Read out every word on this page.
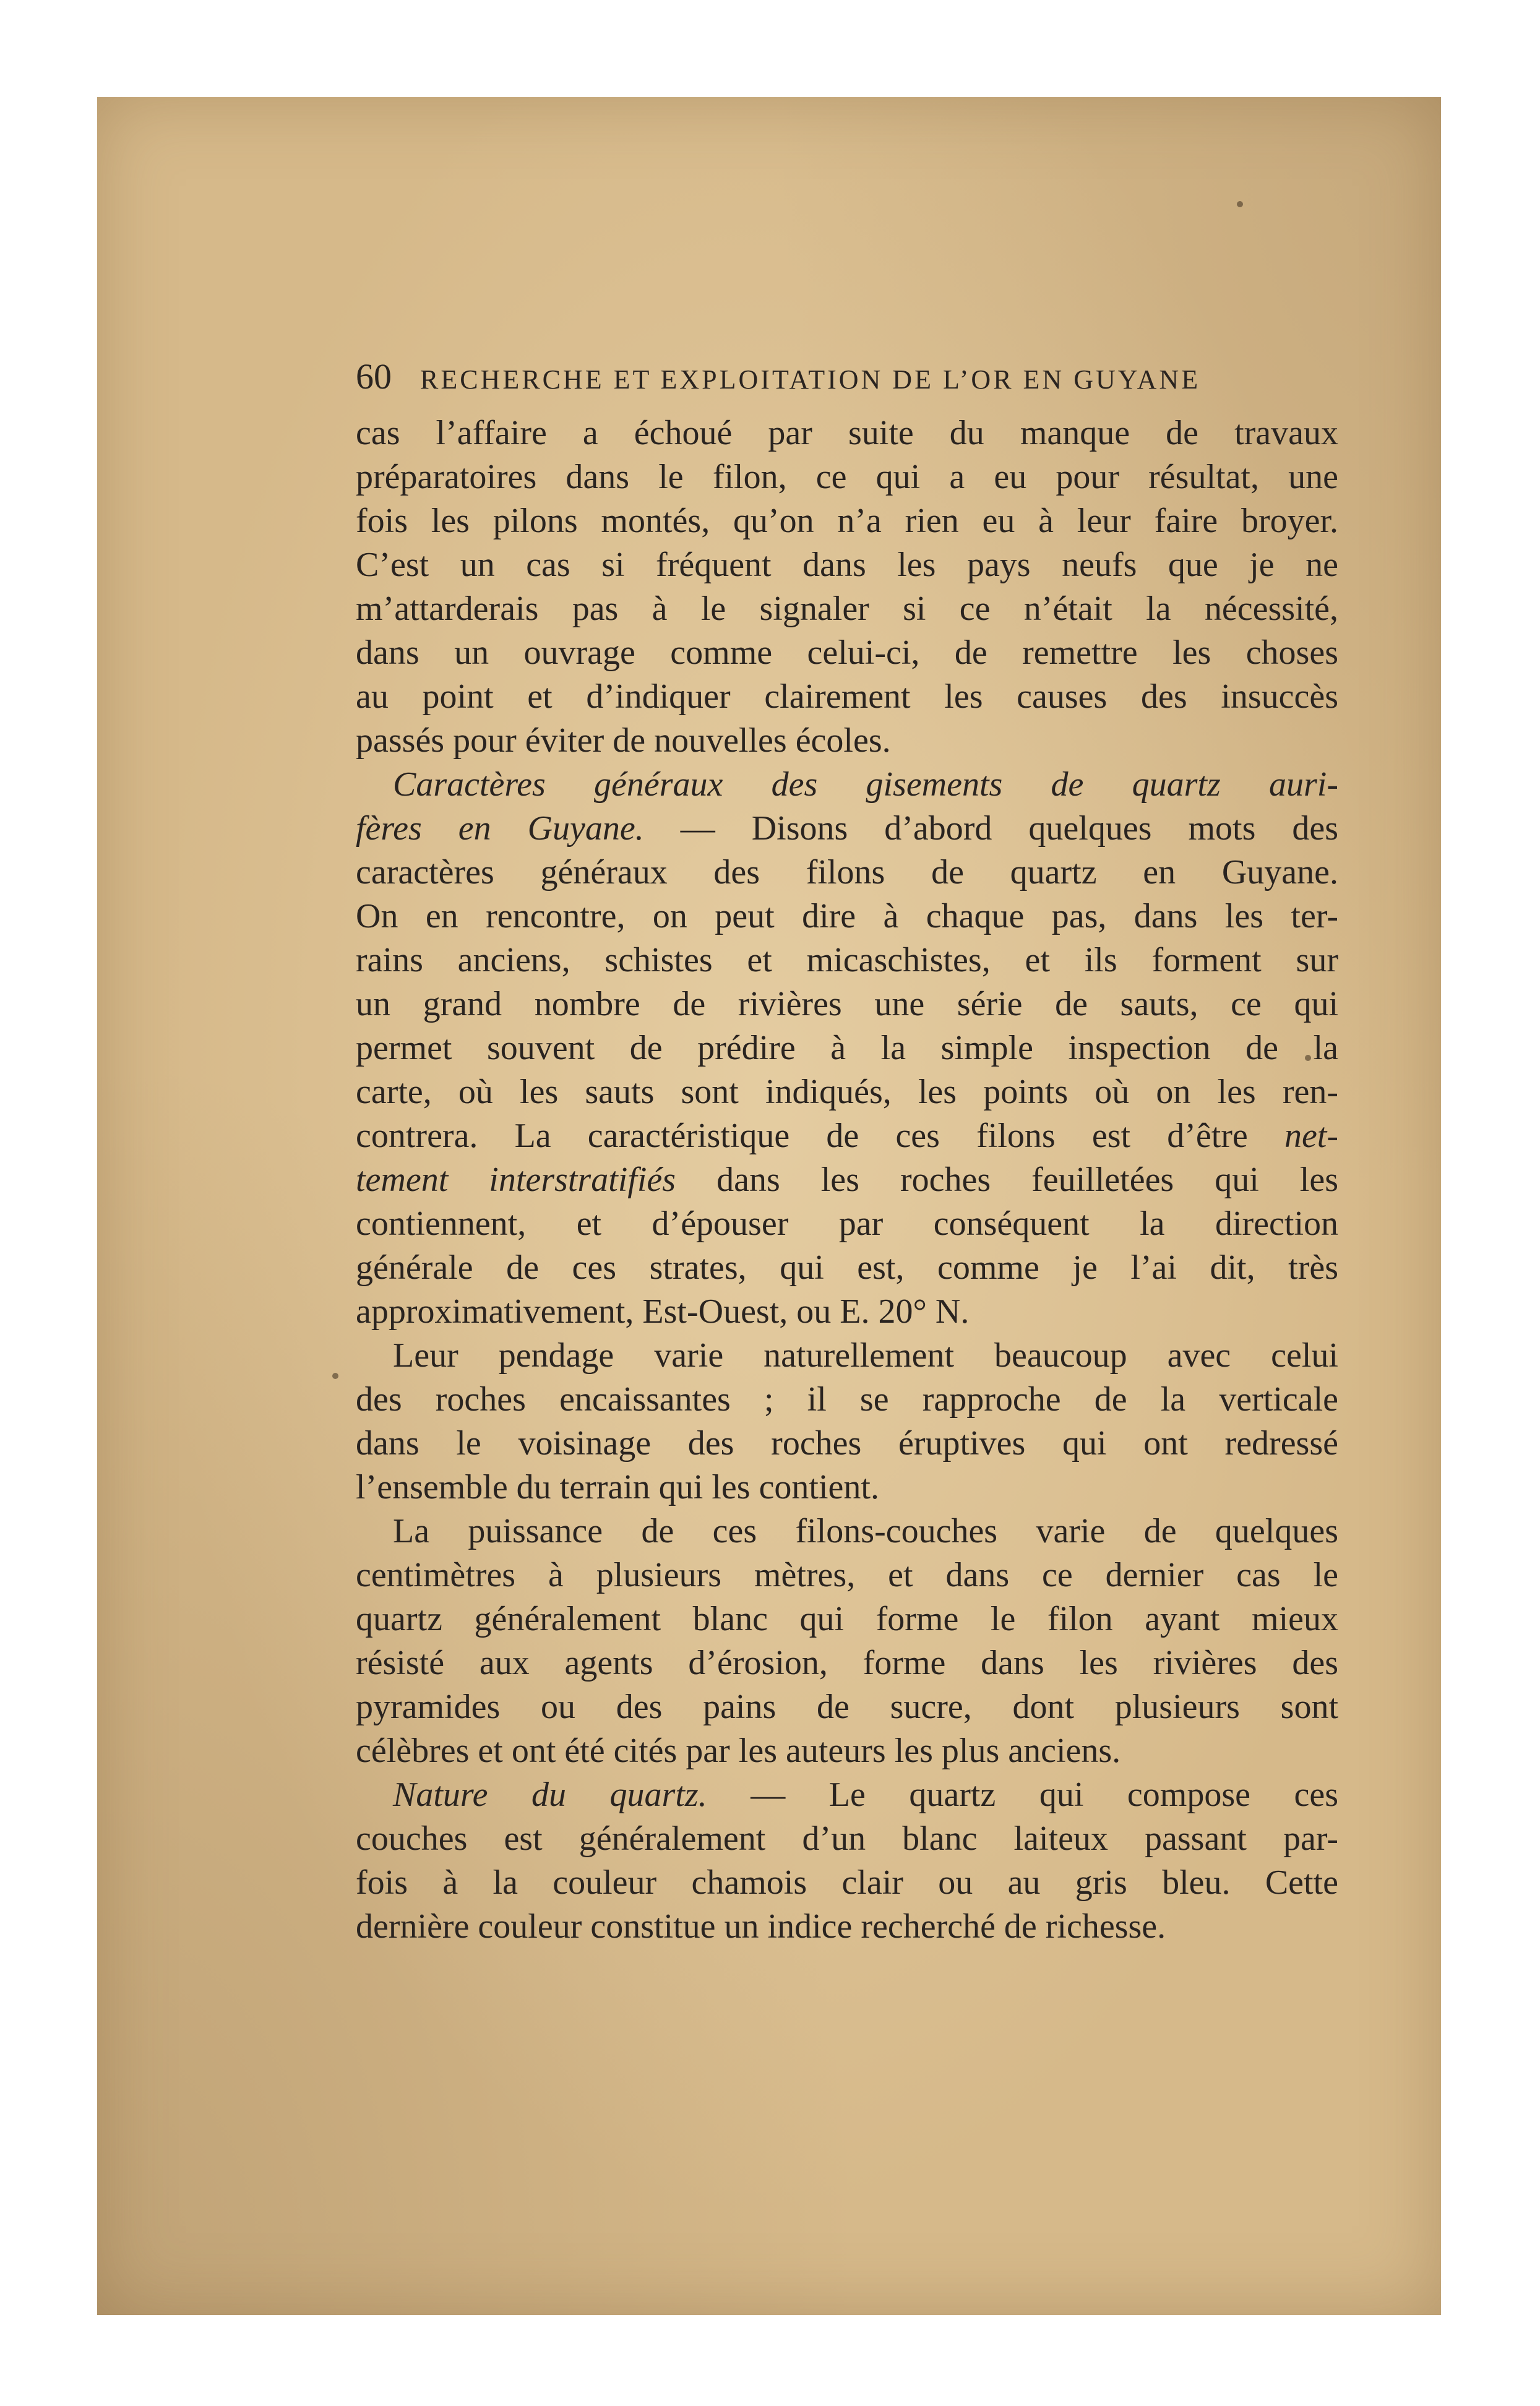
60 RECHERCHE ET EXPLOITATION DE L’OR EN GUYANE
cas l’affaire a échoué par suite du manque de travaux
préparatoires dans le filon, ce qui a eu pour résultat, une
fois les pilons montés, qu’on n’a rien eu à leur faire broyer.
C’est un cas si fréquent dans les pays neufs que je ne
m’attarderais pas à le signaler si ce n’était la nécessité,
dans un ouvrage comme celui-ci, de remettre les choses
au point et d’indiquer clairement les causes des insuccès
passés pour éviter de nouvelles écoles.
Caractères généraux des gisements de quartz auri-
fères en Guyane. — Disons d’abord quelques mots des
caractères généraux des filons de quartz en Guyane.
On en rencontre, on peut dire à chaque pas, dans les ter-
rains anciens, schistes et micaschistes, et ils forment sur
un grand nombre de rivières une série de sauts, ce qui
permet souvent de prédire à la simple inspection de la
carte, où les sauts sont indiqués, les points où on les ren-
contrera. La caractéristique de ces filons est d’être net-
tement interstratifiés dans les roches feuilletées qui les
contiennent, et d’épouser par conséquent la direction
générale de ces strates, qui est, comme je l’ai dit, très
approximativement, Est-Ouest, ou E. 20° N.
Leur pendage varie naturellement beaucoup avec celui
des roches encaissantes ; il se rapproche de la verticale
dans le voisinage des roches éruptives qui ont redressé
l’ensemble du terrain qui les contient.
La puissance de ces filons-couches varie de quelques
centimètres à plusieurs mètres, et dans ce dernier cas le
quartz généralement blanc qui forme le filon ayant mieux
résisté aux agents d’érosion, forme dans les rivières des
pyramides ou des pains de sucre, dont plusieurs sont
célèbres et ont été cités par les auteurs les plus anciens.
Nature du quartz. — Le quartz qui compose ces
couches est généralement d’un blanc laiteux passant par-
fois à la couleur chamois clair ou au gris bleu. Cette
dernière couleur constitue un indice recherché de richesse.
